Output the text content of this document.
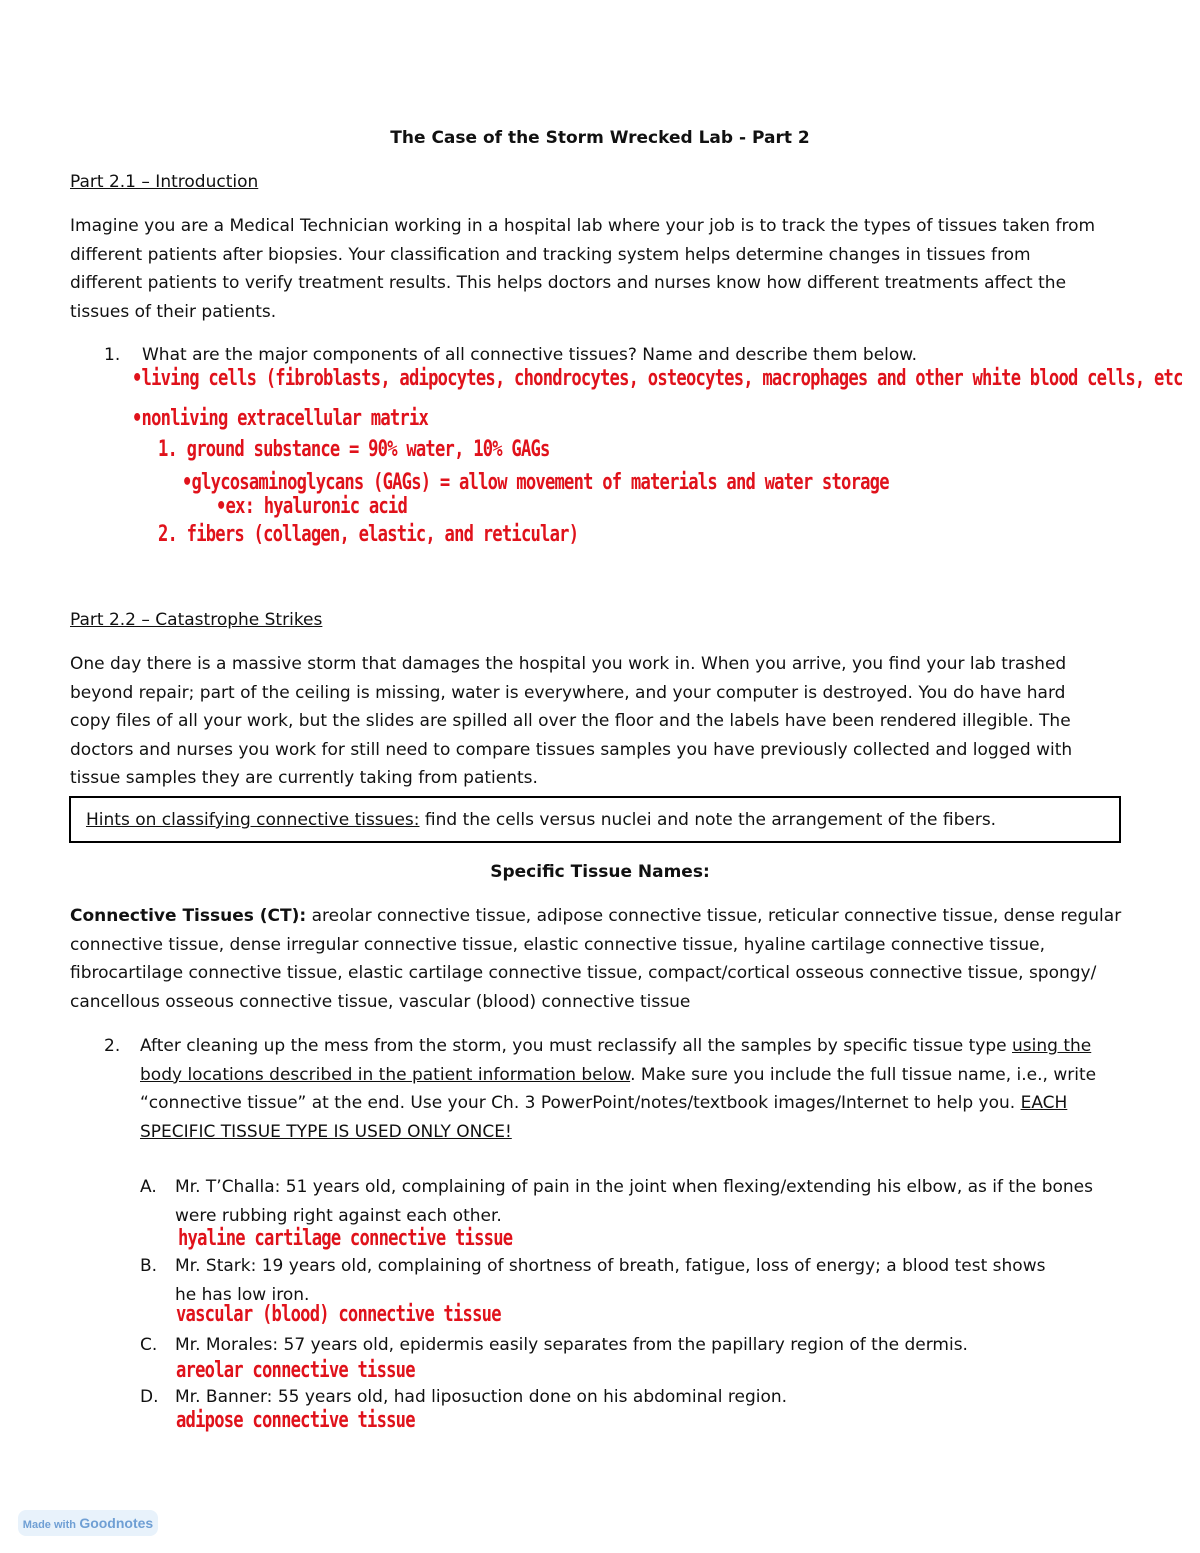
The Case of the Storm Wrecked Lab - Part 2
Part 2.1 – Introduction
Imagine you are a Medical Technician working in a hospital lab where your job is to track the types of tissues taken from
different patients after biopsies. Your classification and tracking system helps determine changes in tissues from
different patients to verify treatment results. This helps doctors and nurses know how different treatments affect the
tissues of their patients.
1. What are the major components of all connective tissues? Name and describe them below.
•living cells (fibroblasts, adipocytes, chondrocytes, osteocytes, macrophages and other white blood cells, etc
•nonliving extracellular matrix
1. ground substance = 90% water, 10% GAGs
•glycosaminoglycans (GAGs) = allow movement of materials and water storage
•ex: hyaluronic acid
2. fibers (collagen, elastic, and reticular)
Part 2.2 – Catastrophe Strikes
One day there is a massive storm that damages the hospital you work in. When you arrive, you find your lab trashed
beyond repair; part of the ceiling is missing, water is everywhere, and your computer is destroyed. You do have hard
copy files of all your work, but the slides are spilled all over the floor and the labels have been rendered illegible. The
doctors and nurses you work for still need to compare tissues samples you have previously collected and logged with
tissue samples they are currently taking from patients.
Hints on classifying connective tissues: find the cells versus nuclei and note the arrangement of the fibers.
Specific Tissue Names:
Connective Tissues (CT): areolar connective tissue, adipose connective tissue, reticular connective tissue, dense regular
connective tissue, dense irregular connective tissue, elastic connective tissue, hyaline cartilage connective tissue,
fibrocartilage connective tissue, elastic cartilage connective tissue, compact/cortical osseous connective tissue, spongy/
cancellous osseous connective tissue, vascular (blood) connective tissue
2. After cleaning up the mess from the storm, you must reclassify all the samples by specific tissue type using the
body locations described in the patient information below. Make sure you include the full tissue name, i.e., write
“connective tissue” at the end. Use your Ch. 3 PowerPoint/notes/textbook images/Internet to help you. EACH
SPECIFIC TISSUE TYPE IS USED ONLY ONCE!
A. Mr. T’Challa: 51 years old, complaining of pain in the joint when flexing/extending his elbow, as if the bones
were rubbing right against each other.
hyaline cartilage connective tissue
B. Mr. Stark: 19 years old, complaining of shortness of breath, fatigue, loss of energy; a blood test shows
he has low iron.
vascular (blood) connective tissue
C. Mr. Morales: 57 years old, epidermis easily separates from the papillary region of the dermis.
areolar connective tissue
D. Mr. Banner: 55 years old, had liposuction done on his abdominal region.
adipose connective tissue
Made with Goodnotes
